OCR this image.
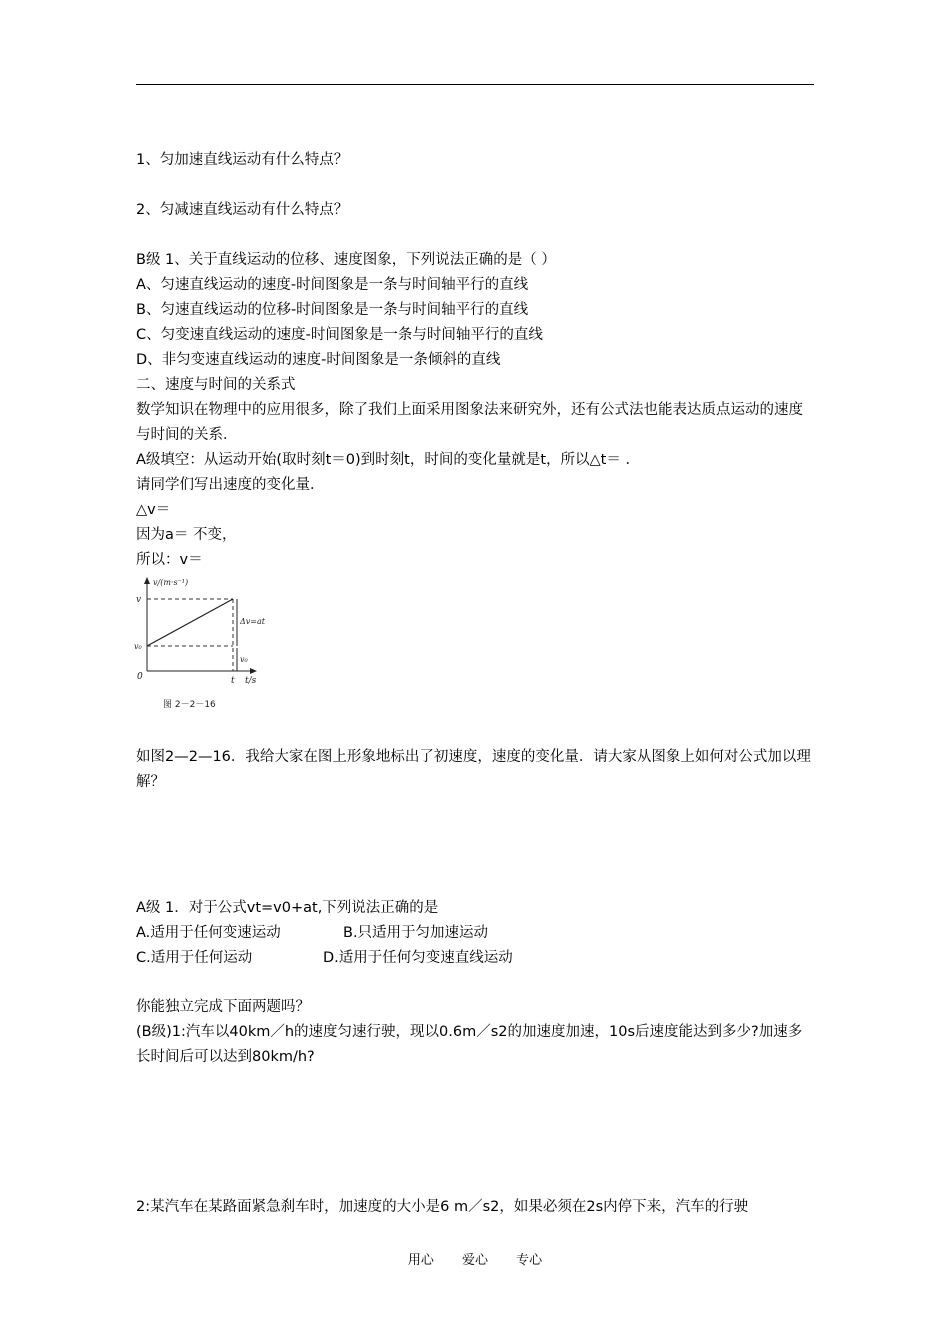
1、匀加速直线运动有什么特点？
2、匀减速直线运动有什么特点？
B级 1、关于直线运动的位移、速度图象，下列说法正确的是（ ）
A、匀速直线运动的速度-时间图象是一条与时间轴平行的直线
B、匀速直线运动的位移-时间图象是一条与时间轴平行的直线
C、匀变速直线运动的速度-时间图象是一条与时间轴平行的直线
D、非匀变速直线运动的速度-时间图象是一条倾斜的直线
二、速度与时间的关系式
数学知识在物理中的应用很多，除了我们上面采用图象法来研究外，还有公式法也能表达质点运动的速度与时间的关系．
A级填空：从运动开始(取时刻t＝0)到时刻t，时间的变化量就是t，所以△t＝ ．
请同学们写出速度的变化量．
△v＝
因为a＝ 不变，
所以：v＝
v/(m·s⁻¹)
v
v₀
0	t t/s
Δv=at
v₀
图 2－2－16
如图2—2—16．我给大家在图上形象地标出了初速度，速度的变化量．请大家从图象上如何对公式加以理解？
A级 1．对于公式vt=v0+at,下列说法正确的是
A.适用于任何变速运动	B.只适用于匀加速运动
C.适用于任何运动	D.适用于任何匀变速直线运动
你能独立完成下面两题吗？
(B级)1:汽车以40km／h的速度匀速行驶，现以0.6m／s2的加速度加速，10s后速度能达到多少?加速多长时间后可以达到80km/h?
2:某汽车在某路面紧急刹车时，加速度的大小是6 m／s2，如果必须在2s内停下来，汽车的行驶
用心 爱心 专心
